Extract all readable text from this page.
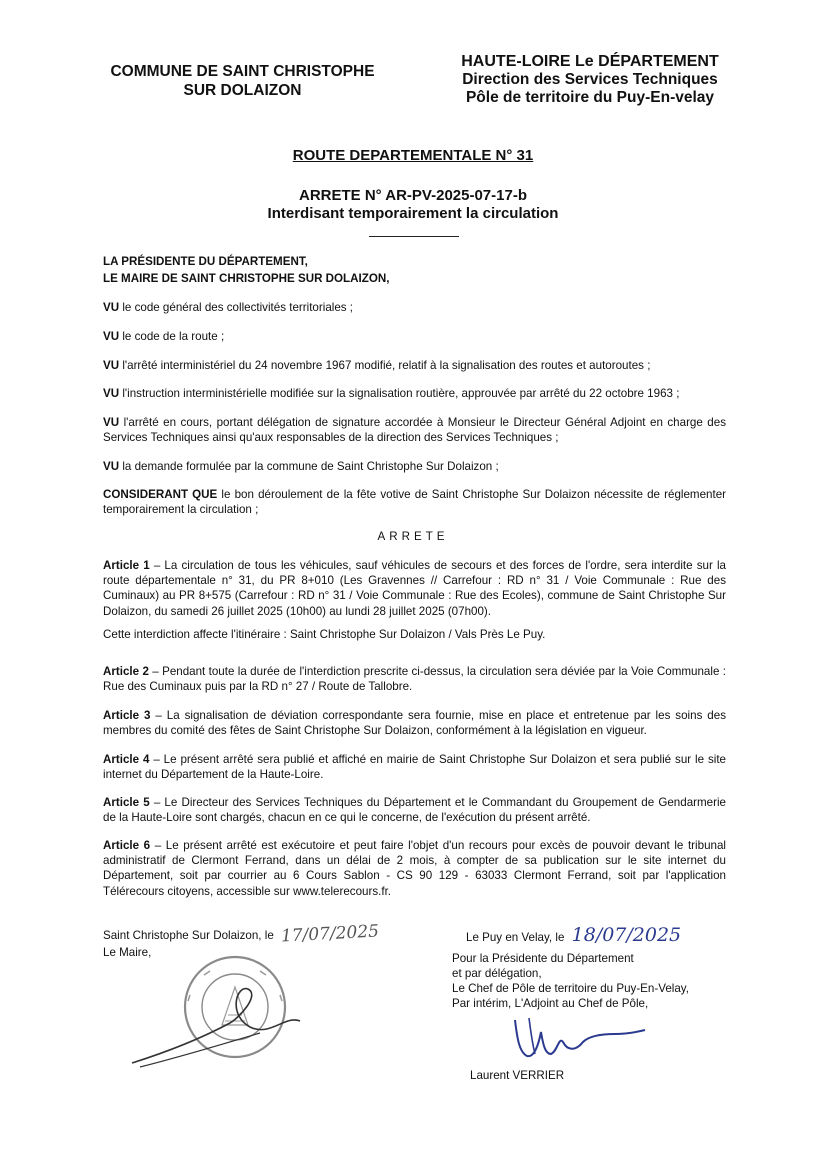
COMMUNE DE SAINT CHRISTOPHE
SUR DOLAIZON
HAUTE-LOIRE Le DÉPARTEMENT
Direction des Services Techniques
Pôle de territoire du Puy-En-velay
ROUTE DEPARTEMENTALE N° 31
ARRETE N° AR-PV-2025-07-17-b
Interdisant temporairement la circulation
LA PRÉSIDENTE DU DÉPARTEMENT,
LE MAIRE DE SAINT CHRISTOPHE SUR DOLAIZON,
VU le code général des collectivités territoriales ;
VU le code de la route ;
VU l'arrêté interministériel du 24 novembre 1967 modifié, relatif à la signalisation des routes et autoroutes ;
VU l'instruction interministérielle modifiée sur la signalisation routière, approuvée par arrêté du 22 octobre 1963 ;
VU l'arrêté en cours, portant délégation de signature accordée à Monsieur le Directeur Général Adjoint en charge des Services Techniques ainsi qu'aux responsables de la direction des Services Techniques ;
VU la demande formulée par la commune de Saint Christophe Sur Dolaizon ;
CONSIDERANT QUE le bon déroulement de la fête votive de Saint Christophe Sur Dolaizon nécessite de réglementer temporairement la circulation ;
ARRETE
Article 1 – La circulation de tous les véhicules, sauf véhicules de secours et des forces de l'ordre, sera interdite sur la route départementale n° 31, du PR 8+010 (Les Gravennes // Carrefour : RD n° 31 / Voie Communale : Rue des Cuminaux) au PR 8+575 (Carrefour : RD n° 31 / Voie Communale : Rue des Ecoles), commune de Saint Christophe Sur Dolaizon, du samedi 26 juillet 2025 (10h00) au lundi 28 juillet 2025 (07h00).
Cette interdiction affecte l'itinéraire : Saint Christophe Sur Dolaizon / Vals Près Le Puy.
Article 2 – Pendant toute la durée de l'interdiction prescrite ci-dessus, la circulation sera déviée par la Voie Communale : Rue des Cuminaux puis par la RD n° 27 / Route de Tallobre.
Article 3 – La signalisation de déviation correspondante sera fournie, mise en place et entretenue par les soins des membres du comité des fêtes de Saint Christophe Sur Dolaizon, conformément à la législation en vigueur.
Article 4 – Le présent arrêté sera publié et affiché en mairie de Saint Christophe Sur Dolaizon et sera publié sur le site internet du Département de la Haute-Loire.
Article 5 – Le Directeur des Services Techniques du Département et le Commandant du Groupement de Gendarmerie de la Haute-Loire sont chargés, chacun en ce qui le concerne, de l'exécution du présent arrêté.
Article 6 – Le présent arrêté est exécutoire et peut faire l'objet d'un recours pour excès de pouvoir devant le tribunal administratif de Clermont Ferrand, dans un délai de 2 mois, à compter de sa publication sur le site internet du Département, soit par courrier au 6 Cours Sablon - CS 90 129 - 63033 Clermont Ferrand, soit par l'application Télérecours citoyens, accessible sur www.telerecours.fr.
Saint Christophe Sur Dolaizon, le 17/07/2025
Le Maire,
Le Puy en Velay, le 18/07/2025
Pour la Présidente du Département
et par délégation,
Le Chef de Pôle de territoire du Puy-En-Velay,
Par intérim, L'Adjoint au Chef de Pôle,
Laurent VERRIER
